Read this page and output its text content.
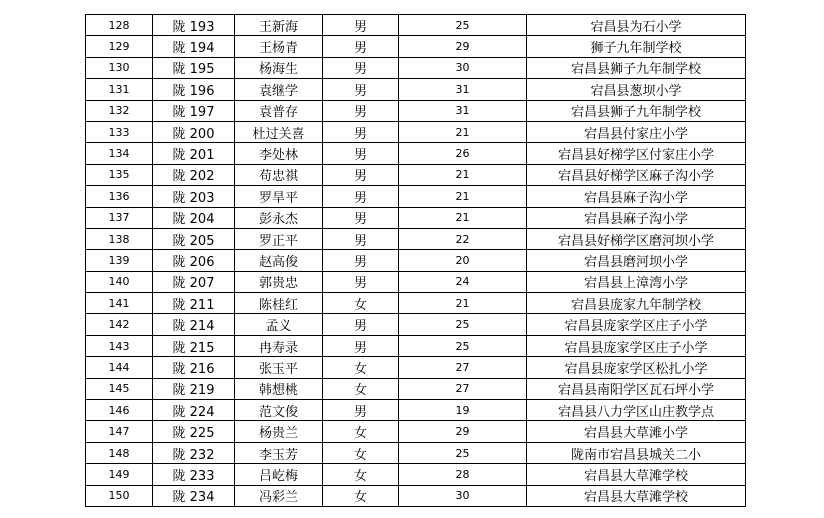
128	陇 193	王新海	男	25	宕昌县为石小学
129	陇 194	王杨青	男	29	狮子九年制学校
130	陇 195	杨海生	男	30	宕昌县狮子九年制学校
131	陇 196	袁继学	男	31	宕昌县葱坝小学
132	陇 197	袁普存	男	31	宕昌县狮子九年制学校
133	陇 200	杜过关喜	男	21	宕昌县付家庄小学
134	陇 201	李处林	男	26	宕昌县好梯学区付家庄小学
135	陇 202	苟忠祺	男	21	宕昌县好梯学区麻子沟小学
136	陇 203	罗旱平	男	21	宕昌县麻子沟小学
137	陇 204	彭永杰	男	21	宕昌县麻子沟小学
138	陇 205	罗正平	男	22	宕昌县好梯学区磨河坝小学
139	陇 206	赵高俊	男	20	宕昌县磨河坝小学
140	陇 207	郭贵忠	男	24	宕昌县上漳湾小学
141	陇 211	陈桂红	女	21	宕昌县庞家九年制学校
142	陇 214	孟义	男	25	宕昌县庞家学区庄子小学
143	陇 215	冉寿录	男	25	宕昌县庞家学区庄子小学
144	陇 216	张玉平	女	27	宕昌县庞家学区松扎小学
145	陇 219	韩想桃	女	27	宕昌县南阳学区瓦石坪小学
146	陇 224	范文俊	男	19	宕昌县八力学区山庄教学点
147	陇 225	杨贵兰	女	29	宕昌县大草滩小学
148	陇 232	李玉芳	女	25	陇南市宕昌县城关二小
149	陇 233	吕屹梅	女	28	宕昌县大草滩学校
150	陇 234	冯彩兰	女	30	宕昌县大草滩学校
